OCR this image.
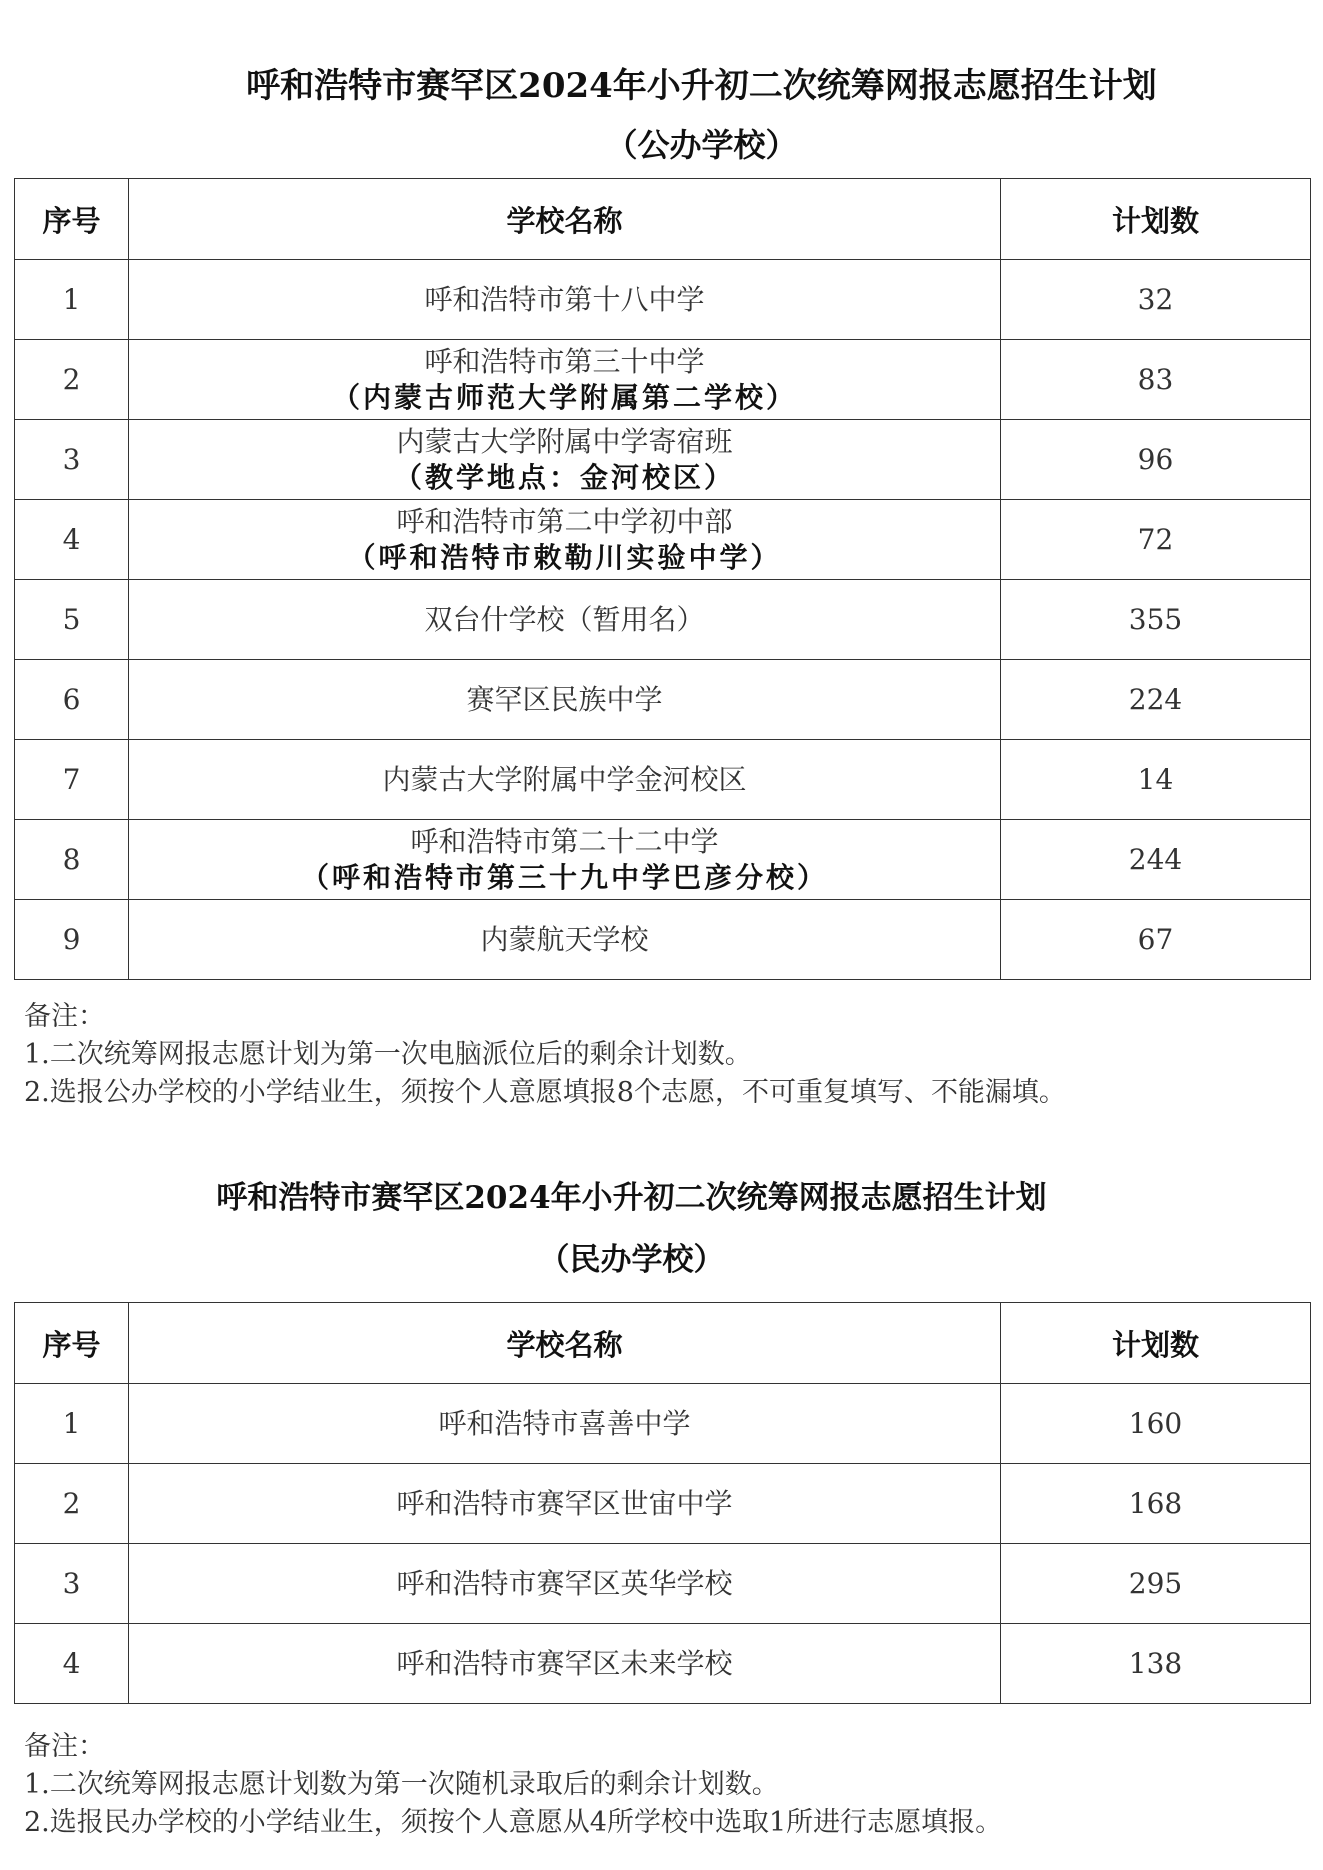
呼和浩特市赛罕区2024年小升初二次统筹网报志愿招生计划
（公办学校）
序号	学校名称	计划数
1	呼和浩特市第十八中学	32
2	呼和浩特市第三十中学
（内蒙古师范大学附属第二学校）	83
3	内蒙古大学附属中学寄宿班
（教学地点：金河校区）	96
4	呼和浩特市第二中学初中部
（呼和浩特市敕勒川实验中学）	72
5	双台什学校（暂用名）	355
6	赛罕区民族中学	224
7	内蒙古大学附属中学金河校区	14
8	呼和浩特市第二十二中学
（呼和浩特市第三十九中学巴彦分校）	244
9	内蒙航天学校	67
备注：
1.二次统筹网报志愿计划为第一次电脑派位后的剩余计划数。
2.选报公办学校的小学结业生，须按个人意愿填报8个志愿，不可重复填写、不能漏填。
呼和浩特市赛罕区2024年小升初二次统筹网报志愿招生计划
（民办学校）
序号	学校名称	计划数
1	呼和浩特市喜善中学	160
2	呼和浩特市赛罕区世宙中学	168
3	呼和浩特市赛罕区英华学校	295
4	呼和浩特市赛罕区未来学校	138
备注：
1.二次统筹网报志愿计划数为第一次随机录取后的剩余计划数。
2.选报民办学校的小学结业生，须按个人意愿从4所学校中选取1所进行志愿填报。
